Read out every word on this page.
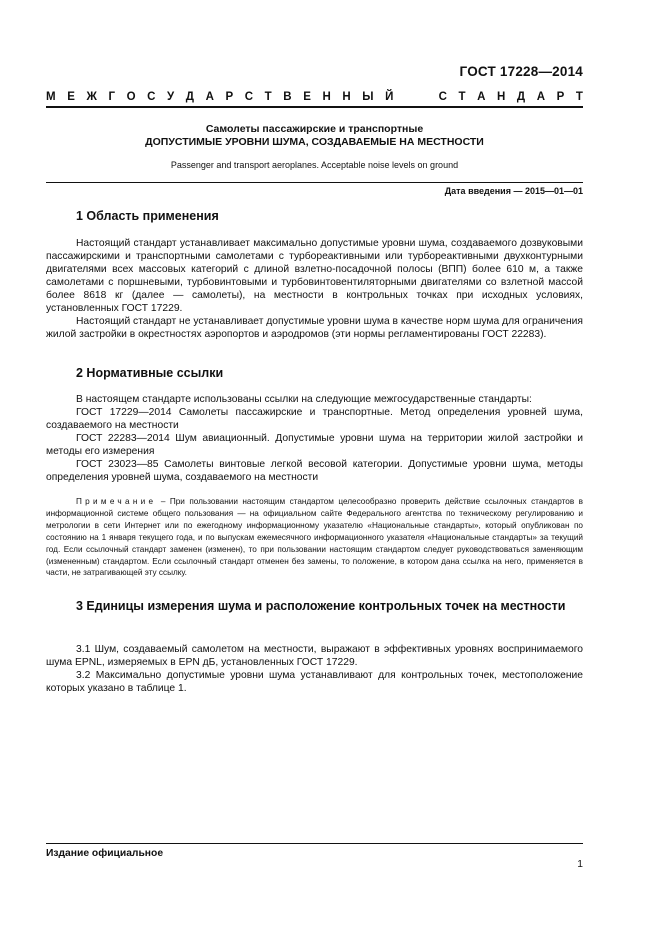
ГОСТ 17228—2014
М Е Ж Г О С У Д А Р С Т В Е Н Н Ы Й	С Т А Н Д А Р Т
Самолеты пассажирские и транспортные
ДОПУСТИМЫЕ УРОВНИ ШУМА, СОЗДАВАЕМЫЕ НА МЕСТНОСТИ
Passenger and transport aeroplanes. Acceptable noise levels on ground
Дата введения — 2015—01—01
1 Область применения

Настоящий стандарт устанавливает максимально допустимые уровни шума, создаваемого дозвуковыми пассажирскими и транспортными самолетами с турбореактивными или турбореактивными двухконтурными двигателями всех массовых категорий с длиной взлетно-посадочной полосы (ВПП) более 610 м, а также самолетами с поршневыми, турбовинтовыми и турбовинтовентиляторными двигателями со взлетной массой более 8618 кг (далее — самолеты), на местности в контрольных точках при исходных условиях, установленных ГОСТ 17229.

Настоящий стандарт не устанавливает допустимые уровни шума в качестве норм шума для ограничения жилой застройки в окрестностях аэропортов и аэродромов (эти нормы регламентированы ГОСТ 22283).

2 Нормативные ссылки

В настоящем стандарте использованы ссылки на следующие межгосударственные стандарты:

ГОСТ 17229—2014 Самолеты пассажирские и транспортные. Метод определения уровней шума, создаваемого на местности

ГОСТ 22283—2014 Шум авиационный. Допустимые уровни шума на территории жилой застройки и методы его измерения

ГОСТ 23023—85 Самолеты винтовые легкой весовой категории. Допустимые уровни шума, методы определения уровней шума, создаваемого на местности

Примечание – При пользовании настоящим стандартом целесообразно проверить действие ссылочных стандартов в информационной системе общего пользования — на официальном сайте Федерального агентства по техническому регулированию и метрологии в сети Интернет или по ежегодному информационному указателю «Национальные стандарты», который опубликован по состоянию на 1 января текущего года, и по выпускам ежемесячного информационного указателя «Национальные стандарты» за текущий год. Если ссылочный стандарт заменен (изменен), то при пользовании настоящим стандартом следует руководствоваться заменяющим (измененным) стандартом. Если ссылочный стандарт отменен без замены, то положение, в котором дана ссылка на него, применяется в части, не затрагивающей эту ссылку.

3 Единицы измерения шума и расположение контрольных точек на местности

3.1 Шум, создаваемый самолетом на местности, выражают в эффективных уровнях воспринимаемого шума EPNL, измеряемых в EPN дБ, установленных ГОСТ 17229.

3.2 Максимально допустимые уровни шума устанавливают для контрольных точек, местоположение которых указано в таблице 1.

Издание официальное
1
